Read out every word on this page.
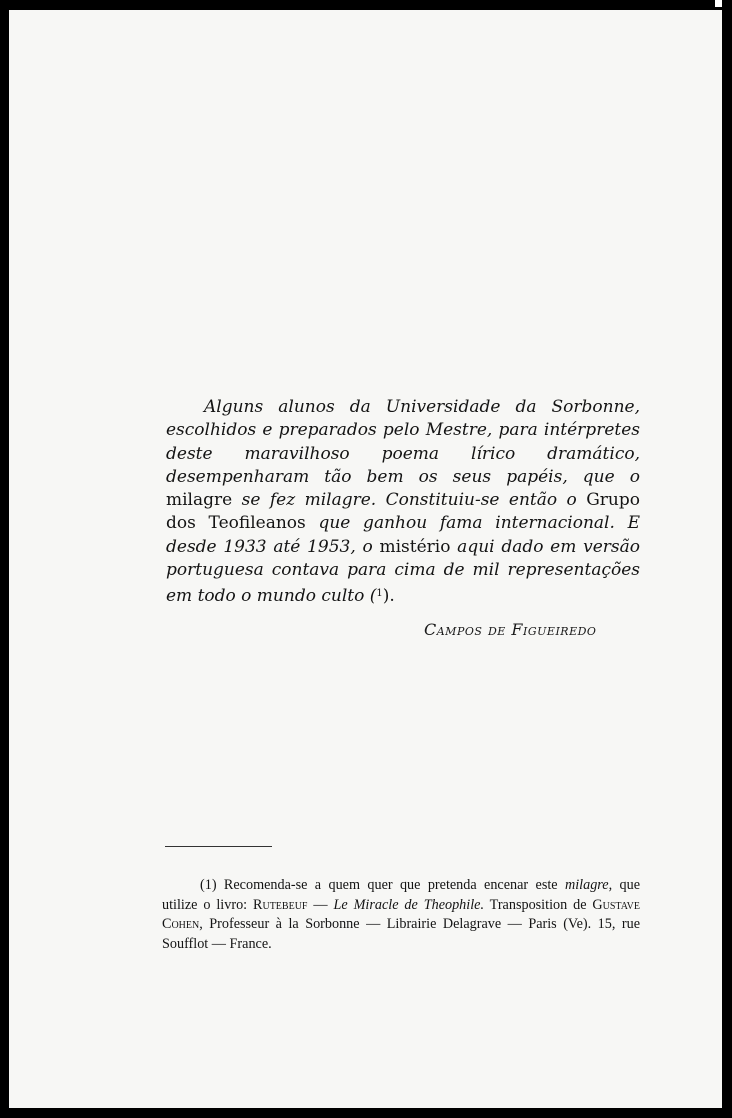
Alguns alunos da Universidade da Sorbonne, escolhidos e preparados pelo Mestre, para intérpretes deste maravilhoso poema lírico dramático, desempenharam tão bem os seus papéis, que o milagre se fez milagre. Constituiu-se então o Grupo dos Teofileanos que ganhou fama internacional. E desde 1933 até 1953, o mistério aqui dado em versão portuguesa contava para cima de mil representações em todo o mundo culto ($^1$).
Campos de Figueiredo
(1) Recomenda-se a quem quer que pretenda encenar este milagre, que utilize o livro: Rutebeuf — Le Miracle de Theophile. Transposition de Gustave Cohen, Professeur à la Sorbonne — Librairie Delagrave — Paris (Ve). 15, rue Soufflot — France.
